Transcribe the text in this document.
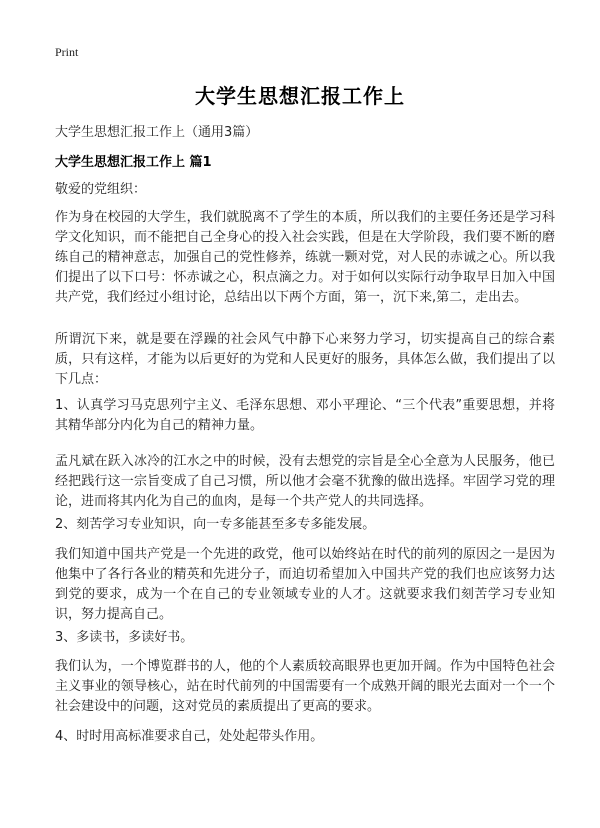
Print
大学生思想汇报工作上
大学生思想汇报工作上（通用3篇）
大学生思想汇报工作上 篇1

敬爱的党组织：

作为身在校园的大学生，我们就脱离不了学生的本质，所以我们的主要任务还是学习科学文化知识，而不能把自己全身心的投入社会实践，但是在大学阶段，我们要不断的磨练自己的精神意志，加强自己的党性修养，练就一颗对党，对人民的赤诚之心。所以我们提出了以下口号：怀赤诚之心，积点滴之力。对于如何以实际行动争取早日加入中国共产党，我们经过小组讨论，总结出以下两个方面，第一，沉下来,第二，走出去。

所谓沉下来，就是要在浮躁的社会风气中静下心来努力学习，切实提高自己的综合素质，只有这样，才能为以后更好的为党和人民更好的服务，具体怎么做，我们提出了以下几点：

1、认真学习马克思列宁主义、毛泽东思想、邓小平理论、“三个代表”重要思想，并将其精华部分内化为自己的精神力量。

孟凡斌在跃入冰冷的江水之中的时候，没有去想党的宗旨是全心全意为人民服务，他已经把践行这一宗旨变成了自己习惯，所以他才会毫不犹豫的做出选择。牢固学习党的理论，进而将其内化为自己的血肉，是每一个共产党人的共同选择。

2、刻苦学习专业知识，向一专多能甚至多专多能发展。

我们知道中国共产党是一个先进的政党，他可以始终站在时代的前列的原因之一是因为他集中了各行各业的精英和先进分子，而迫切希望加入中国共产党的我们也应该努力达到党的要求，成为一个在自己的专业领域专业的人才。这就要求我们刻苦学习专业知识，努力提高自己。

3、多读书，多读好书。

我们认为，一个博览群书的人，他的个人素质较高眼界也更加开阔。作为中国特色社会主义事业的领导核心，站在时代前列的中国需要有一个成熟开阔的眼光去面对一个一个社会建设中的问题，这对党员的素质提出了更高的要求。

4、时时用高标准要求自己，处处起带头作用。
